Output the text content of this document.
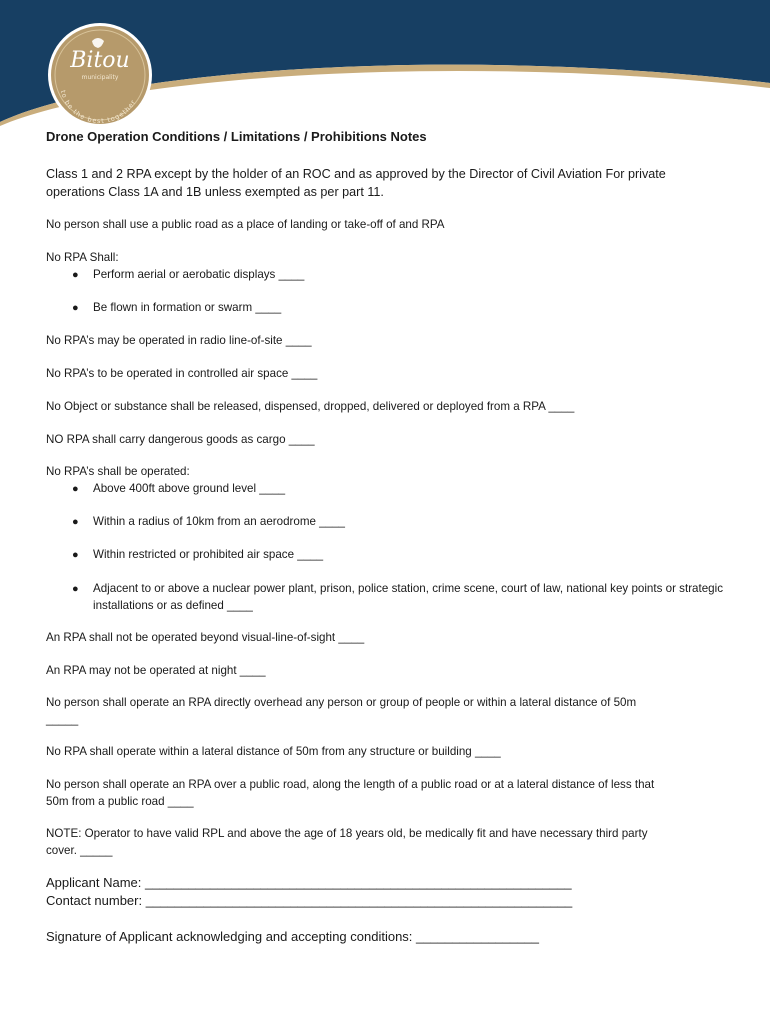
Bitou
municipality
to be the best together
Drone Operation Conditions / Limitations / Prohibitions Notes
Class 1 and 2 RPA except by the holder of an ROC and as approved by the Director of Civil Aviation For private
operations Class 1A and 1B unless exempted as per part 11.
No person shall use a public road as a place of landing or take-off of and RPA
No RPA Shall:
● Perform aerial or aerobatic displays ____
● Be flown in formation or swarm ____
No RPA’s may be operated in radio line-of-site ____
No RPA’s to be operated in controlled air space ____
No Object or substance shall be released, dispensed, dropped, delivered or deployed from a RPA ____
NO RPA shall carry dangerous goods as cargo ____
No RPA’s shall be operated:
● Above 400ft above ground level ____
● Within a radius of 10km from an aerodrome ____
● Within restricted or prohibited air space ____
● Adjacent to or above a nuclear power plant, prison, police station, crime scene, court of law, national key points or strategic installations or as defined ____
An RPA shall not be operated beyond visual-line-of-sight ____
An RPA may not be operated at night ____
No person shall operate an RPA directly overhead any person or group of people or within a lateral distance of 50m
_____
No RPA shall operate within a lateral distance of 50m from any structure or building ____
No person shall operate an RPA over a public road, along the length of a public road or at a lateral distance of less that
50m from a public road ____
NOTE: Operator to have valid RPL and above the age of 18 years old, be medically fit and have necessary third party
cover. _____
Applicant Name: ___________________________________________________________
Contact number: ___________________________________________________________
Signature of Applicant acknowledging and accepting conditions: _________________
